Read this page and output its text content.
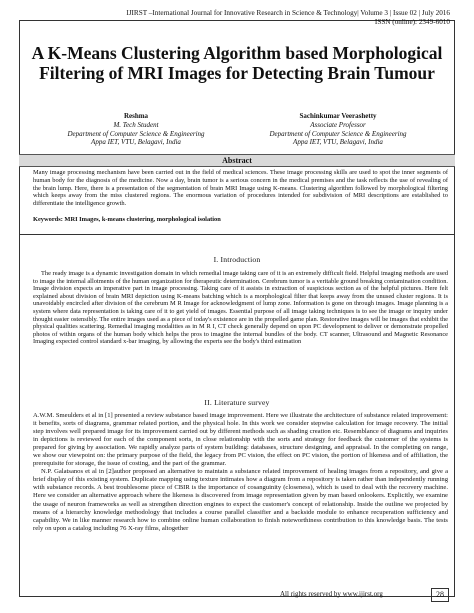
IJIRST –International Journal for Innovative Research in Science & Technology| Volume 3 | Issue 02 | July 2016
ISSN (online): 2349-6010
A K-Means Clustering Algorithm based Morphological Filtering of MRI Images for Detecting Brain Tumour
Reshma
M. Tech Student
Department of Computer Science & Engineering
Appa IET, VTU, Belagavi, India
Sachinkumar Veerashetty
Associate Professor
Department of Computer Science & Engineering
Appa IET, VTU, Belagavi, India
Abstract
Many image processing mechanism have been carried out in the field of medical sciences. These image processing skills are used to spot the inner segments of human body for the diagnosis of the medicine. Now a day, brain tumor is a serious concern in the medical premises and the task reflects the use of revealing of the brain lump. Here, there is a presentation of the segmentation of brain MRI Image using K-means. Clustering algorithm followed by morphological filtering which keeps away from the miss clustered regions. The enormous variation of procedures intended for subdivision of MRI descriptions are established to differentiate the intelligence growth.
Keywords: MRI Images, k-means clustering, morphological isolation
I. Introduction

The ready image is a dynamic investigation domain in which remedial image taking care of it is an extremely difficult field. Helpful imaging methods are used to image the internal allotments of the human organization for therapeutic determination. Cerebrum tumor is a veritable ground breaking contamination condition. Image division expects an imperative part in image processing. Taking care of it assists in extraction of suspicious section as of the helpful pictures. Here felt explained about division of brain MRI depiction using K-means batching which is a morphological filter that keeps away from the unused cluster regions. It is unavoidably encircled after division of the cerebrum M R Image for acknowledgment of lump zone. Information is gone on through images. Image planning is a system where data representation is taking care of it to get yield of images. Essential purpose of all image taking techniques is to see the image or inquiry under thought easier ostensibly. The entire images used as a piece of today's existence are in the propelled game plan. Restorative images will be images that exhibit the physical qualities scattering. Remedial imaging modalities as in M R I, CT check generally depend on upon PC development to deliver or demonstrate propelled photos of within organs of the human body which helps the pros to imagine the internal bundles of the body. CT scanner, Ultrasound and Magnetic Resonance Imaging expected control standard x-bar imaging, by allowing the experts see the body's third estimation

II. Literature survey

A.W.M. Smeulders et al in [1] presented a review substance based image improvement. Here we illustrate the architecture of substance related improvement: it benefits, sorts of diagrams, grammar related portion, and the physical hole. In this work we consider stepwise calculation for image recovery. The initial step involves well prepared image for its improvement carried out by different methods such as shading creation etc. Resemblance of diagrams and inquiries in depictions is reviewed for each of the component sorts, in close relationship with the sorts and strategy for feedback the customer of the systems is prepared for giving by association. We rapidly analyze parts of system building: databases, structure designing, and appraisal. In the completing on range, we show our viewpoint on: the primary purpose of the field, the legacy from PC vision, the effect on PC vision, the portion of likeness and of affiliation, the prerequisite for storage, the issue of costing, and the part of the grammar.

N.P. Galatsanos et al in [2]author proposed an alternative to maintain a substance related improvement of healing images from a repository, and give a brief display of this existing system. Duplicate mapping using texture intimates how a diagram from a repository is taken rather than independently running with substance records. A best troublesome piece of CBIR is the importance of cosanguinity (closeness), which is used to deal with the recovery machine. Here we consider an alternative approach where the likeness is discovered from image representation given by man based onlookers. Explicitly, we examine the usage of neuron frameworks as well as strengthen direction engines to expect the customer's concept of relationship. Inside the outline we projected by means of a hierarchy knowledge methodology that includes a course parallel classifier and a backside module to enhance recuperation sufficiency and capability. We in like manner research how to combine online human collaboration to finish noteworthiness contribution to this knowledge basis. The tests rely on upon a catalog including 76 X-ray films, altogether

All rights reserved by www.ijirst.org	28
